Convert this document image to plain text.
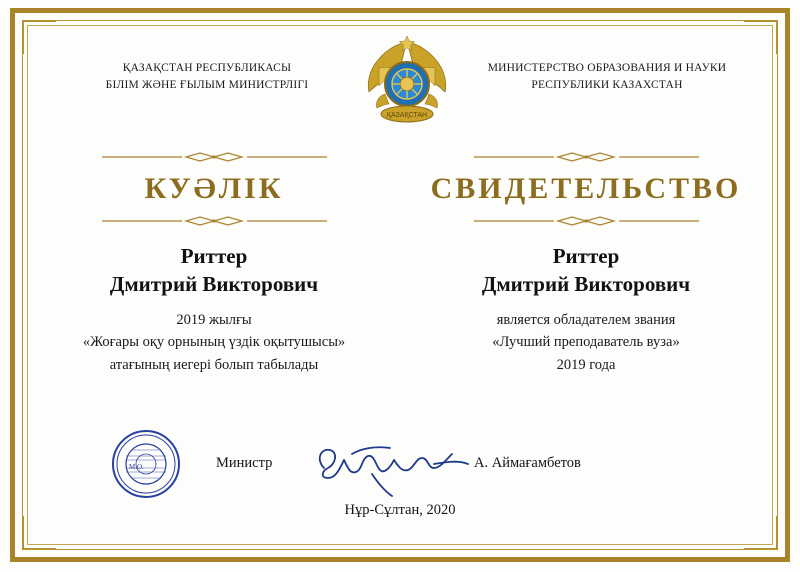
ҚАЗАҚСТАН РЕСПУБЛИКАСЫ
БІЛІМ ЖӘНЕ ҒЫЛЫМ МИНИСТРЛІГІ
ҚАЗАҚСТАН
МИНИСТЕРСТВО ОБРАЗОВАНИЯ И НАУКИ
РЕСПУБЛИКИ КАЗАХСТАН
КУӘЛІК
Риттер
Дмитрий Викторович
2019 жылғы
«Жоғары оқу орнының үздік оқытушысы»
атағының иегері болып табылады
СВИДЕТЕЛЬСТВО
Риттер
Дмитрий Викторович
является обладателем звания
«Лучший преподаватель вуза»
2019 года
М.О.	Министр	А. Аймағамбетов
Нұр-Сұлтан, 2020
